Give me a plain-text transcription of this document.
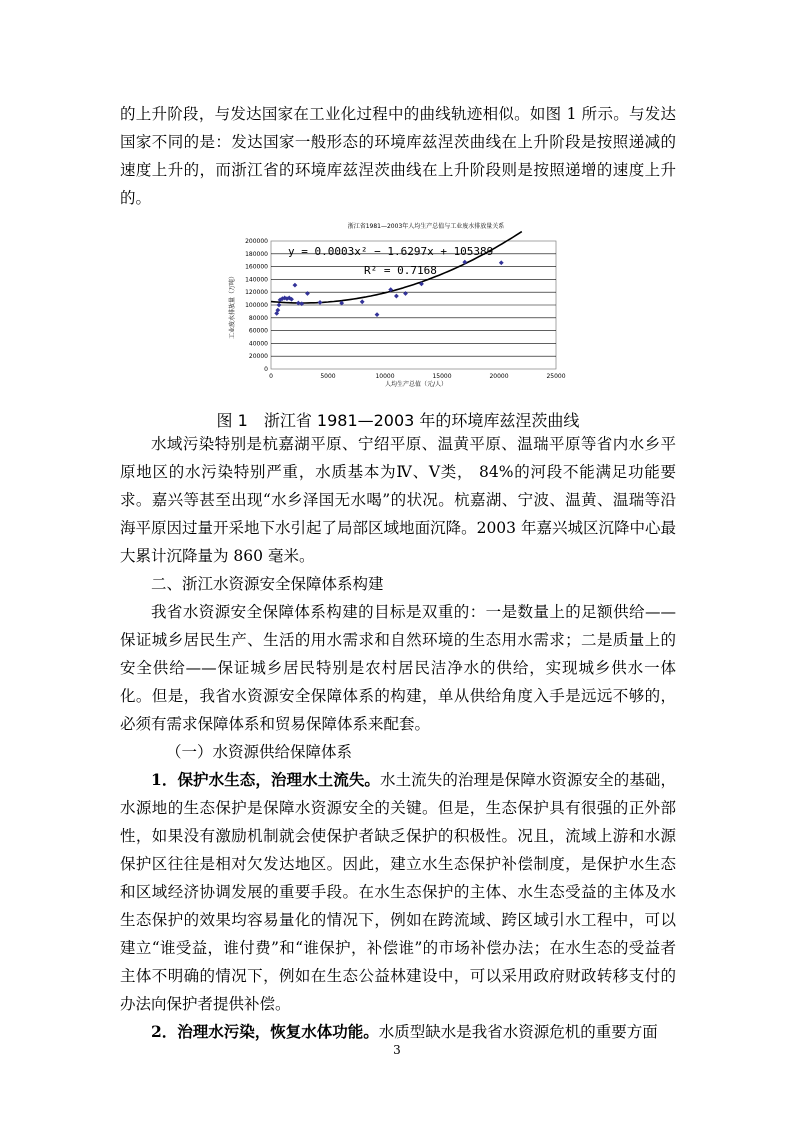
的上升阶段，与发达国家在工业化过程中的曲线轨迹相似。如图 1 所示。与发达国家不同的是：发达国家一般形态的环境库兹涅茨曲线在上升阶段是按照递减的速度上升的，而浙江省的环境库兹涅茨曲线在上升阶段则是按照递增的速度上升的。

浙江省1981—2003年人均生产总值与工业废水排放量关系
0
20000
40000
60000
80000
100000
120000
140000
160000
180000
200000
0	5000	10000	15000	20000	25000
y = 0.0003x² − 1.6297x + 105389
R² = 0.7168
人均生产总值（元/人）
工业废水排放量（万吨）
图 1　浙江省 1981—2003 年的环境库兹涅茨曲线

水域污染特别是杭嘉湖平原、宁绍平原、温黄平原、温瑞平原等省内水乡平原地区的水污染特别严重，水质基本为Ⅳ、Ⅴ类， 84%的河段不能满足功能要求。嘉兴等甚至出现“水乡泽国无水喝”的状况。杭嘉湖、宁波、温黄、温瑞等沿海平原因过量开采地下水引起了局部区域地面沉降。2003 年嘉兴城区沉降中心最大累计沉降量为 860 毫米。

二、浙江水资源安全保障体系构建

我省水资源安全保障体系构建的目标是双重的：一是数量上的足额供给——保证城乡居民生产、生活的用水需求和自然环境的生态用水需求；二是质量上的安全供给——保证城乡居民特别是农村居民洁净水的供给，实现城乡供水一体化。但是，我省水资源安全保障体系的构建，单从供给角度入手是远远不够的，必须有需求保障体系和贸易保障体系来配套。

（一）水资源供给保障体系

1．保护水生态，治理水土流失。水土流失的治理是保障水资源安全的基础，水源地的生态保护是保障水资源安全的关键。但是，生态保护具有很强的正外部性，如果没有激励机制就会使保护者缺乏保护的积极性。况且，流域上游和水源保护区往往是相对欠发达地区。因此，建立水生态保护补偿制度，是保护水生态和区域经济协调发展的重要手段。在水生态保护的主体、水生态受益的主体及水生态保护的效果均容易量化的情况下，例如在跨流域、跨区域引水工程中，可以建立“谁受益，谁付费”和“谁保护，补偿谁”的市场补偿办法；在水生态的受益者主体不明确的情况下，例如在生态公益林建设中，可以采用政府财政转移支付的办法向保护者提供补偿。

2．治理水污染，恢复水体功能。水质型缺水是我省水资源危机的重要方面

3
